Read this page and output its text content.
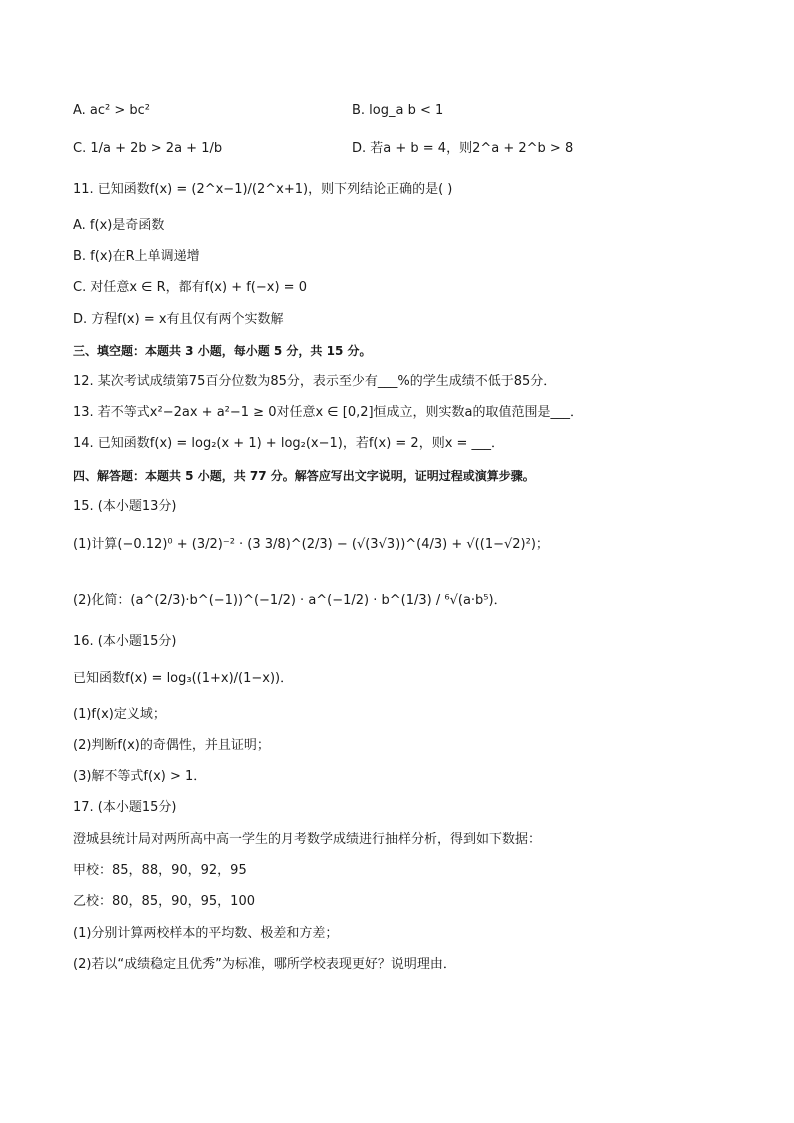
A. ac² > bc²	B. log_a b < 1
C. 1/a + 2b > 2a + 1/b	D. 若a + b = 4，则2^a + 2^b > 8
11. 已知函数f(x) = (2^x−1)/(2^x+1)，则下列结论正确的是( )
A. f(x)是奇函数
B. f(x)在R上单调递增
C. 对任意x ∈ R，都有f(x) + f(−x) = 0
D. 方程f(x) = x有且仅有两个实数解
三、填空题：本题共 3 小题，每小题 5 分，共 15 分。
12. 某次考试成绩第75百分位数为85分，表示至少有___%的学生成绩不低于85分．
13. 若不等式x²−2ax + a²−1 ≥ 0对任意x ∈ [0,2]恒成立，则实数a的取值范围是___．
14. 已知函数f(x) = log₂(x + 1) + log₂(x−1)，若f(x) = 2，则x = ___．
四、解答题：本题共 5 小题，共 77 分。解答应写出文字说明，证明过程或演算步骤。
15. (本小题13分)
(1)计算(−0.12)⁰ + (3/2)⁻² · (3 3/8)^(2/3) − (√(3√3))^(4/3) + √((1−√2)²)；
(2)化简：(a^(2/3)·b^(−1))^(−1/2) · a^(−1/2) · b^(1/3) / ⁶√(a·b⁵)．
16. (本小题15分)
已知函数f(x) = log₃((1+x)/(1−x))．
(1)f(x)定义域；
(2)判断f(x)的奇偶性，并且证明；
(3)解不等式f(x) > 1．
17. (本小题15分)
澄城县统计局对两所高中高一学生的月考数学成绩进行抽样分析，得到如下数据：
甲校：85，88，90，92，95
乙校：80，85，90，95，100
(1)分别计算两校样本的平均数、极差和方差；
(2)若以“成绩稳定且优秀”为标准，哪所学校表现更好？说明理由．
